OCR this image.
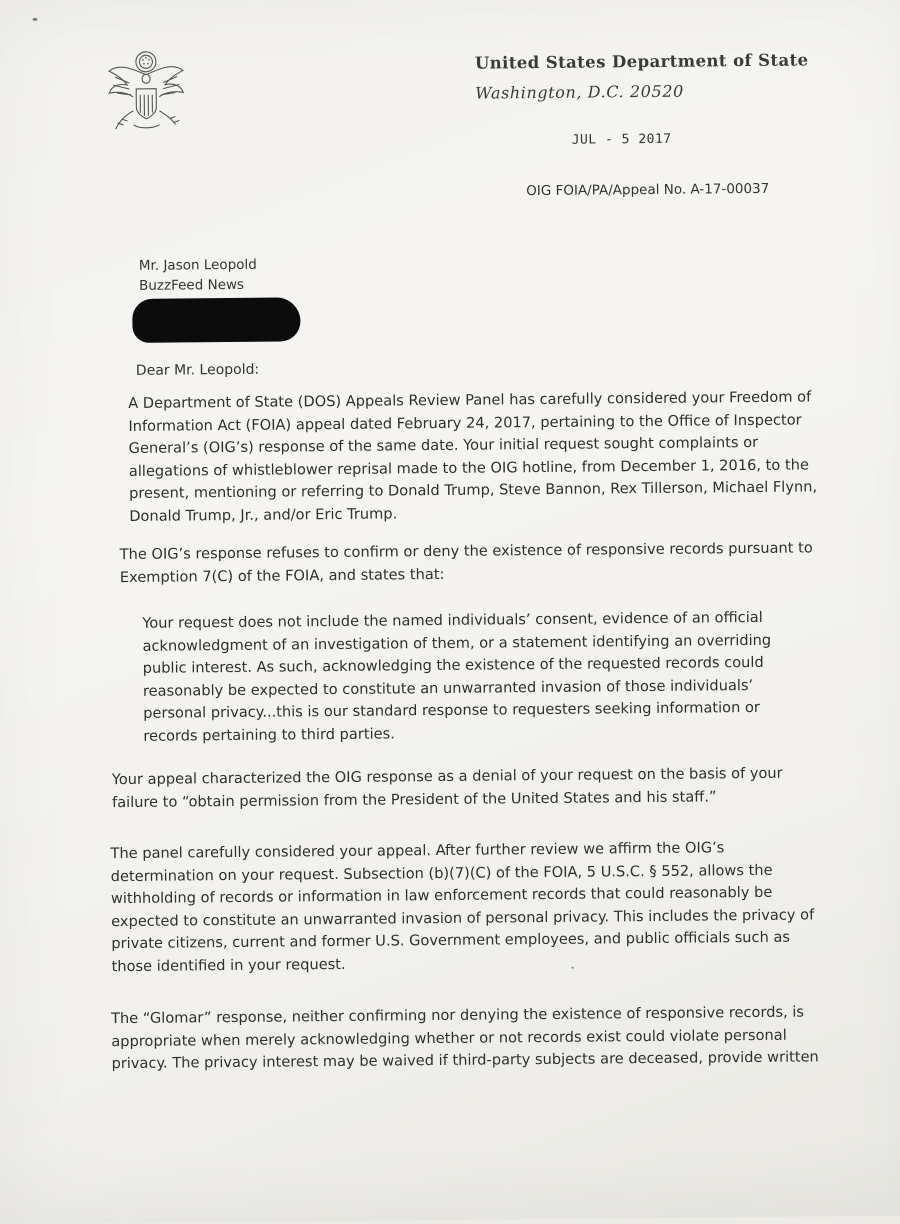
United States Department of State
Washington, D.C. 20520
JUL - 5 2017
OIG FOIA/PA/Appeal No. A-17-00037
Mr. Jason Leopold
BuzzFeed News
Dear Mr. Leopold:

A Department of State (DOS) Appeals Review Panel has carefully considered your Freedom of
Information Act (FOIA) appeal dated February 24, 2017, pertaining to the Office of Inspector
General’s (OIG’s) response of the same date. Your initial request sought complaints or
allegations of whistleblower reprisal made to the OIG hotline, from December 1, 2016, to the
present, mentioning or referring to Donald Trump, Steve Bannon, Rex Tillerson, Michael Flynn,
Donald Trump, Jr., and/or Eric Trump.

The OIG’s response refuses to confirm or deny the existence of responsive records pursuant to
Exemption 7(C) of the FOIA, and states that:

Your request does not include the named individuals’ consent, evidence of an official
acknowledgment of an investigation of them, or a statement identifying an overriding
public interest. As such, acknowledging the existence of the requested records could
reasonably be expected to constitute an unwarranted invasion of those individuals’
personal privacy...this is our standard response to requesters seeking information or
records pertaining to third parties.

Your appeal characterized the OIG response as a denial of your request on the basis of your
failure to “obtain permission from the President of the United States and his staff.”

The panel carefully considered your appeal. After further review we affirm the OIG’s
determination on your request. Subsection (b)(7)(C) of the FOIA, 5 U.S.C. § 552, allows the
withholding of records or information in law enforcement records that could reasonably be
expected to constitute an unwarranted invasion of personal privacy. This includes the privacy of
private citizens, current and former U.S. Government employees, and public officials such as
those identified in your request.

The “Glomar” response, neither confirming nor denying the existence of responsive records, is
appropriate when merely acknowledging whether or not records exist could violate personal
privacy. The privacy interest may be waived if third-party subjects are deceased, provide written
